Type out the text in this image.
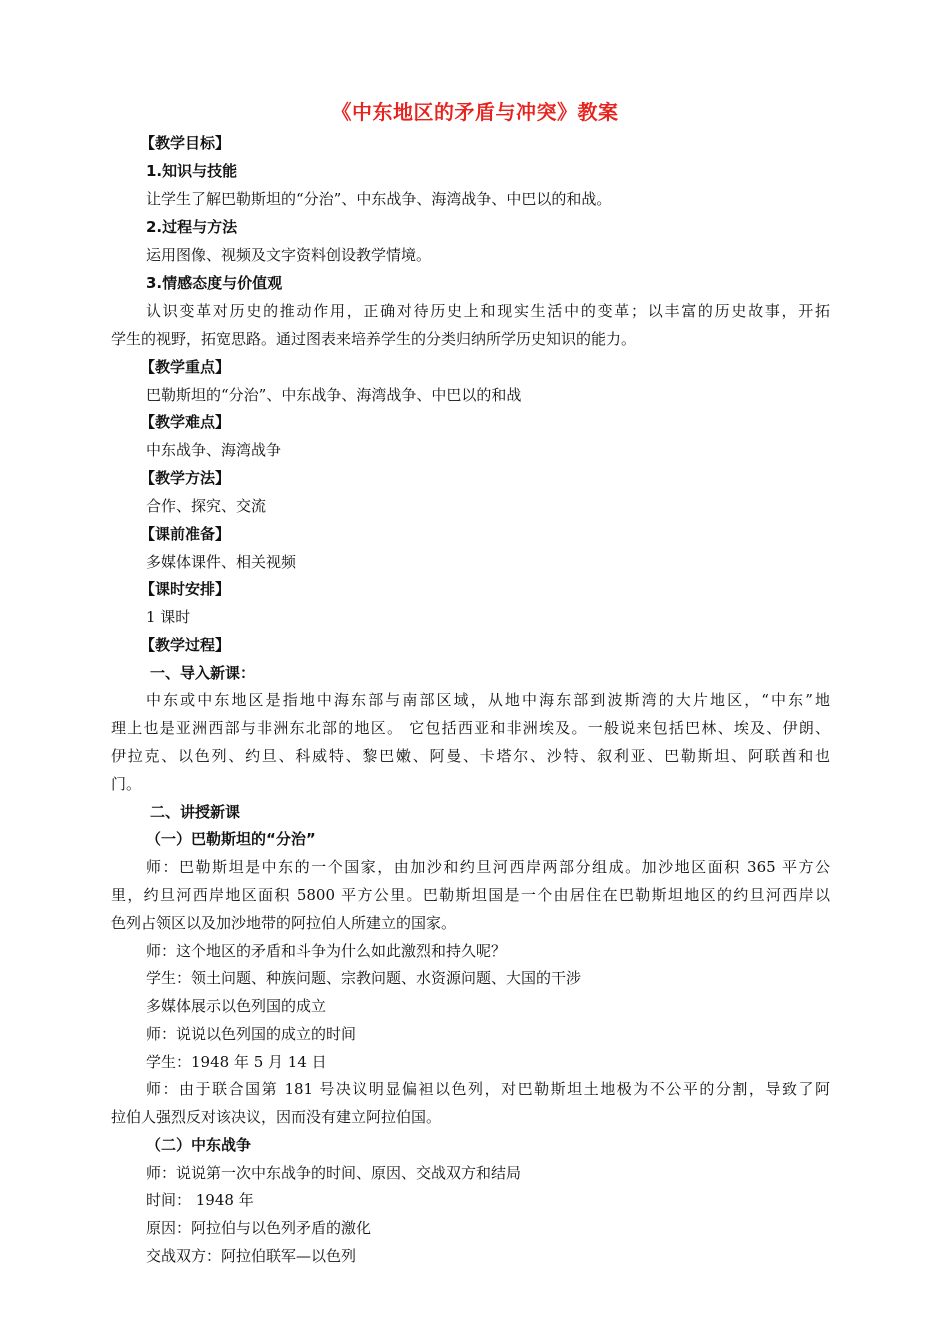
《中东地区的矛盾与冲突》教案
【教学目标】
1.知识与技能
让学生了解巴勒斯坦的“分治”、中东战争、海湾战争、中巴以的和战。
2.过程与方法
运用图像、视频及文字资料创设教学情境。
3.情感态度与价值观
认识变革对历史的推动作用，正确对待历史上和现实生活中的变革；以丰富的历史故事，开拓
学生的视野，拓宽思路。通过图表来培养学生的分类归纳所学历史知识的能力。
【教学重点】
巴勒斯坦的“分治”、中东战争、海湾战争、中巴以的和战
【教学难点】
中东战争、海湾战争
【教学方法】
合作、探究、交流
【课前准备】
多媒体课件、相关视频
【课时安排】
1 课时
【教学过程】
一、导入新课：
中东或中东地区是指地中海东部与南部区域，从地中海东部到波斯湾的大片地区，“中东”地
理上也是亚洲西部与非洲东北部的地区。 它包括西亚和非洲埃及。一般说来包括巴林、埃及、伊朗、
伊拉克、以色列、约旦、科威特、黎巴嫩、阿曼、卡塔尔、沙特、叙利亚、巴勒斯坦、阿联酋和也
门。
二、讲授新课
（一）巴勒斯坦的“分治”
师：巴勒斯坦是中东的一个国家，由加沙和约旦河西岸两部分组成。加沙地区面积 365 平方公
里，约旦河西岸地区面积 5800 平方公里。巴勒斯坦国是一个由居住在巴勒斯坦地区的约旦河西岸以
色列占领区以及加沙地带的阿拉伯人所建立的国家。
师：这个地区的矛盾和斗争为什么如此激烈和持久呢？
学生：领土问题、种族问题、宗教问题、水资源问题、大国的干涉
多媒体展示以色列国的成立
师：说说以色列国的成立的时间
学生：1948 年 5 月 14 日
师：由于联合国第 181 号决议明显偏袒以色列，对巴勒斯坦土地极为不公平的分割，导致了阿
拉伯人强烈反对该决议，因而没有建立阿拉伯国。
（二）中东战争
师：说说第一次中东战争的时间、原因、交战双方和结局
时间： 1948 年
原因：阿拉伯与以色列矛盾的激化
交战双方：阿拉伯联军—以色列
